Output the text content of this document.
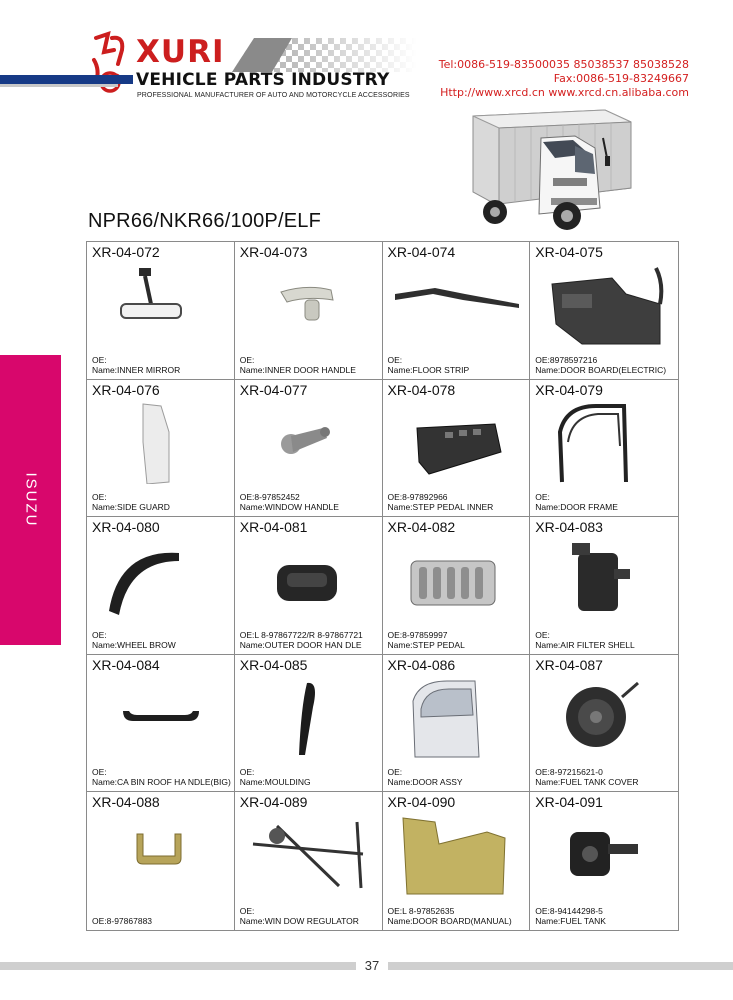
XURI
VEHICLE PARTS INDUSTRY
PROFESSIONAL MANUFACTURER OF AUTO AND MOTORCYCLE ACCESSORIES
Tel:0086-519-83500035 85038537 85038528
Fax:0086-519-83249667
Http://www.xrcd.cn www.xrcd.cn.alibaba.com
NPR66/NKR66/100P/ELF
ISUZU
XR-04-072
OE:
Name:INNER MIRROR
XR-04-073
OE:
Name:INNER DOOR HANDLE
XR-04-074
OE:
Name:FLOOR STRIP
XR-04-075
OE:8978597216
Name:DOOR BOARD(ELECTRIC)
XR-04-076
OE:
Name:SIDE GUARD
XR-04-077
OE:8-97852452
Name:WINDOW HANDLE
XR-04-078
OE:8-97892966
Name:STEP PEDAL INNER
XR-04-079
OE:
Name:DOOR FRAME
XR-04-080
OE:
Name:WHEEL BROW
XR-04-081
OE:L 8-97867722/R 8-97867721
Name:OUTER DOOR HAN DLE
XR-04-082
OE:8-97859997
Name:STEP PEDAL
XR-04-083
OE:
Name:AIR FILTER SHELL
XR-04-084
OE:
Name:CA BIN ROOF HA NDLE(BIG)
XR-04-085
OE:
Name:MOULDING
XR-04-086
OE:
Name:DOOR ASSY
XR-04-087
OE:8-97215621-0
Name:FUEL TANK COVER
XR-04-088
OE:8-97867883
XR-04-089
OE:
Name:WIN DOW REGULATOR
XR-04-090
OE:L 8-97852635
Name:DOOR BOARD(MANUAL)
XR-04-091
OE:8-94144298-5
Name:FUEL TANK
37
